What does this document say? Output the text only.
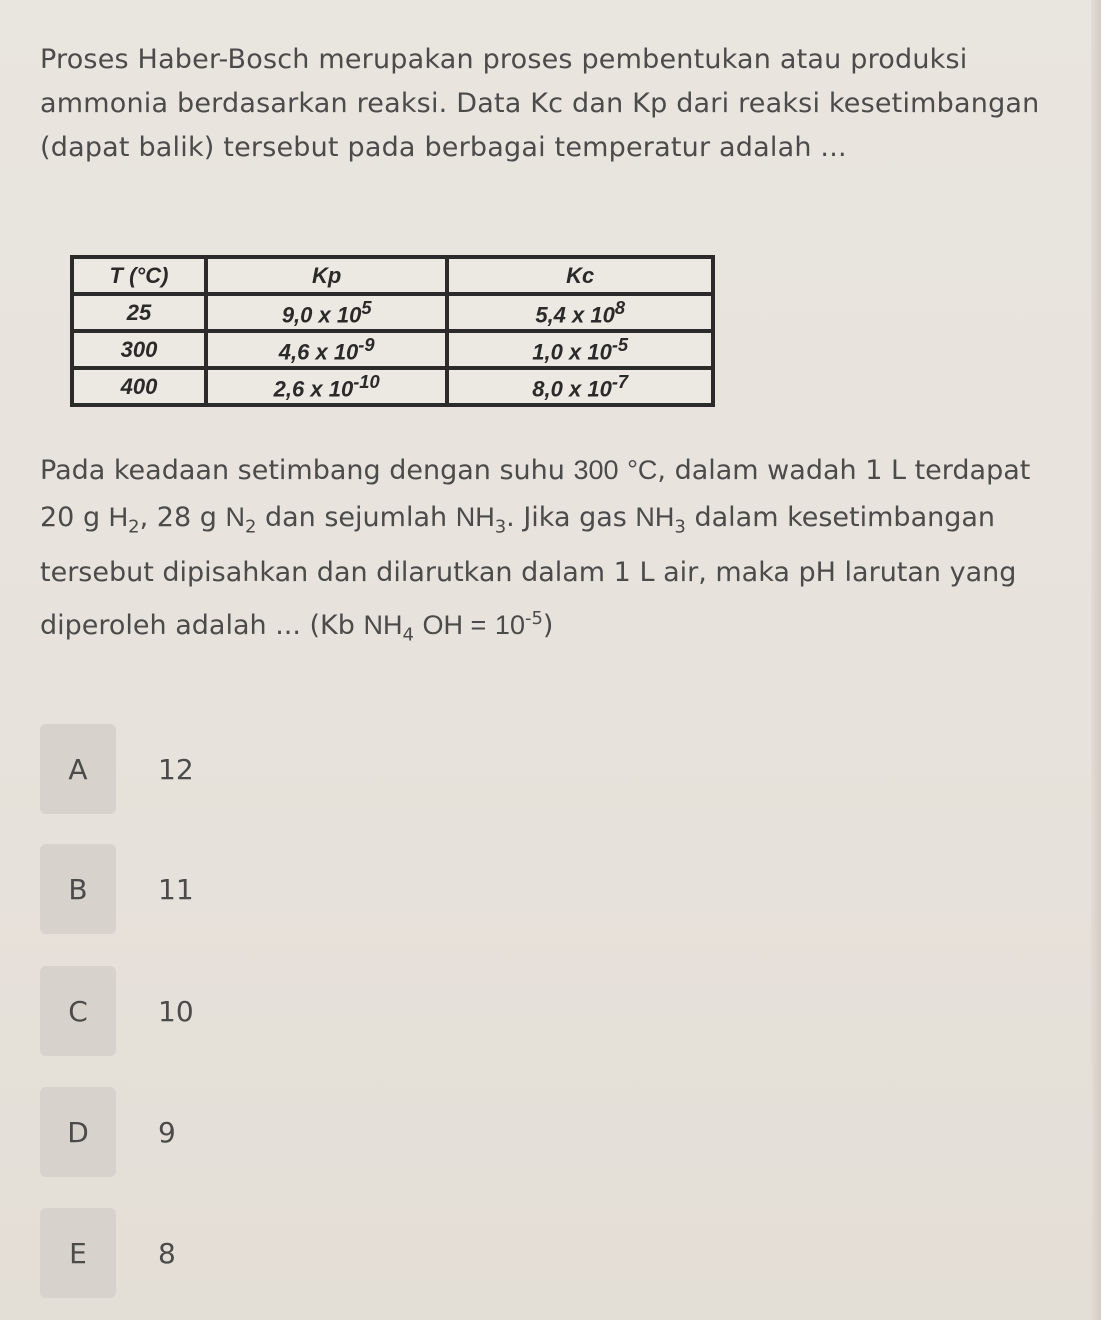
Proses Haber-Bosch merupakan proses pembentukan atau produksi ammonia berdasarkan reaksi. Data Kc dan Kp dari reaksi kesetimbangan (dapat balik) tersebut pada berbagai temperatur adalah ...

T (°C)	Kp	Kc
25	9,0 x $10^5$	5,4 x $10^8$
300	4,6 x $10^{-9}$	1,0 x $10^{-5}$
400	2,6 x $10^{-10}$	8,0 x $10^{-7}$

Pada keadaan setimbang dengan suhu 300 °C, dalam wadah 1 L terdapat 20 g $H_2$, 28 g $N_2$ dan sejumlah $NH_3$. Jika gas $NH_3$ dalam kesetimbangan tersebut dipisahkan dan dilarutkan dalam 1 L air, maka pH larutan yang diperoleh adalah ... (Kb $NH_4$ OH = $10^{-5}$)

A	12
B	11
C	10
D	9
E	8
